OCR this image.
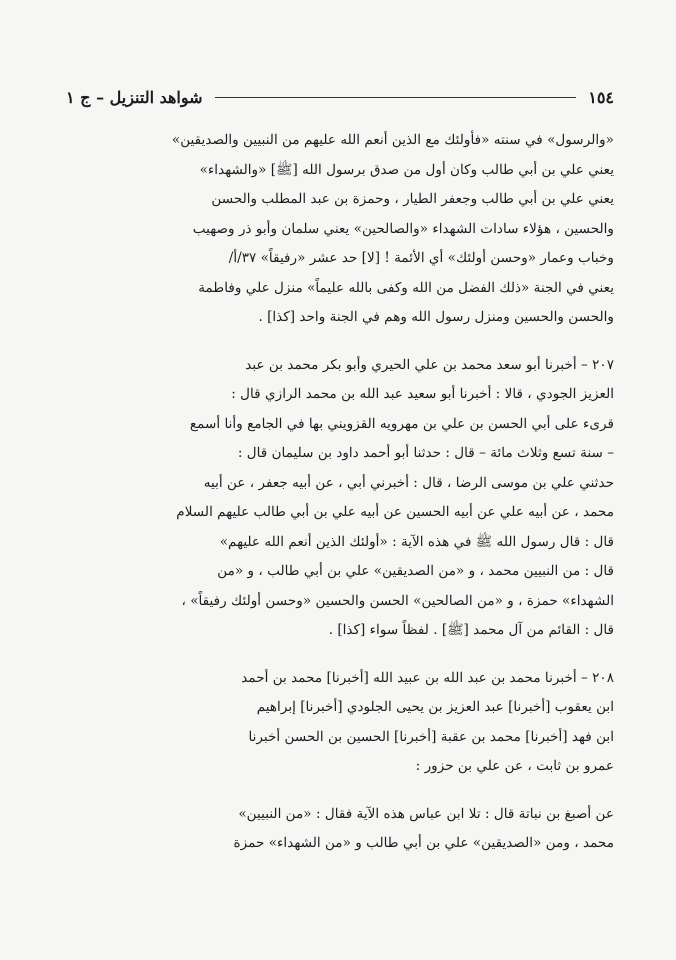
١٥٤
شواهد التنزيل – ج ١

«والرسول» في سنته «فأولئك مع الذين أنعم الله عليهم من النبيين والصديقين»
يعني علي بن أبي طالب وكان أول من صدق برسول الله [ﷺ] «والشهداء»
يعني علي بن أبي طالب وجعفر الطيار ، وحمزة بن عبد المطلب والحسن
والحسين ، هؤلاء سادات الشهداء «والصالحين» يعني سلمان وأبو ذر وصهيب
وخباب وعمار «وحسن أولئك» أي الأئمة ! [لا] حد عشر «رفيقاً» ٣٧/أ/
يعني في الجنة «ذلك الفضل من الله وكفى بالله عليماً» منزل علي وفاطمة
والحسن والحسين ومنزل رسول الله وهم في الجنة واحد [كذا] .

٢٠٧ – أخبرنا أبو سعد محمد بن علي الحيري وأبو بكر محمد بن عبد
العزيز الجودي ، قالا : أخبرنا أبو سعيد عبد الله بن محمد الرازي قال :
قرىء على أبي الحسن بن علي بن مهرويه القزويني بها في الجامع وأنا أسمع
– سنة تسع وثلاث مائة – قال : حدثنا أبو أحمد داود بن سليمان قال :
حدثني علي بن موسى الرضا ، قال : أخبرني أبي ، عن أبيه جعفر ، عن أبيه
محمد ، عن أبيه علي عن أبيه الحسين عن أبيه علي بن أبي طالب عليهم السلام
قال : قال رسول الله ﷺ في هذه الآية : «أولئك الذين أنعم الله عليهم»
قال : من النبيين محمد ، و «من الصديقين» علي بن أبي طالب ، و «من
الشهداء» حمزة ، و «من الصالحين» الحسن والحسين «وحسن أولئك رفيقاً» ،
قال : القائم من آل محمد [ﷺ] . لفظاً سواء [كذا] .

٢٠٨ – أخبرنا محمد بن عبد الله بن عبيد الله [أخبرنا] محمد بن أحمد
ابن يعقوب [أخبرنا] عبد العزيز بن يحيى الجلودي [أخبرنا] إبراهيم
ابن فهد [أخبرنا] محمد بن عقبة [أخبرنا] الحسين بن الحسن أخبرنا
عمرو بن ثابت ، عن علي بن حزور :

عن أصبغ بن نباتة قال : تلا ابن عباس هذه الآية فقال : «من النبيين»
محمد ، ومن «الصديقين» علي بن أبي طالب و «من الشهداء» حمزة
